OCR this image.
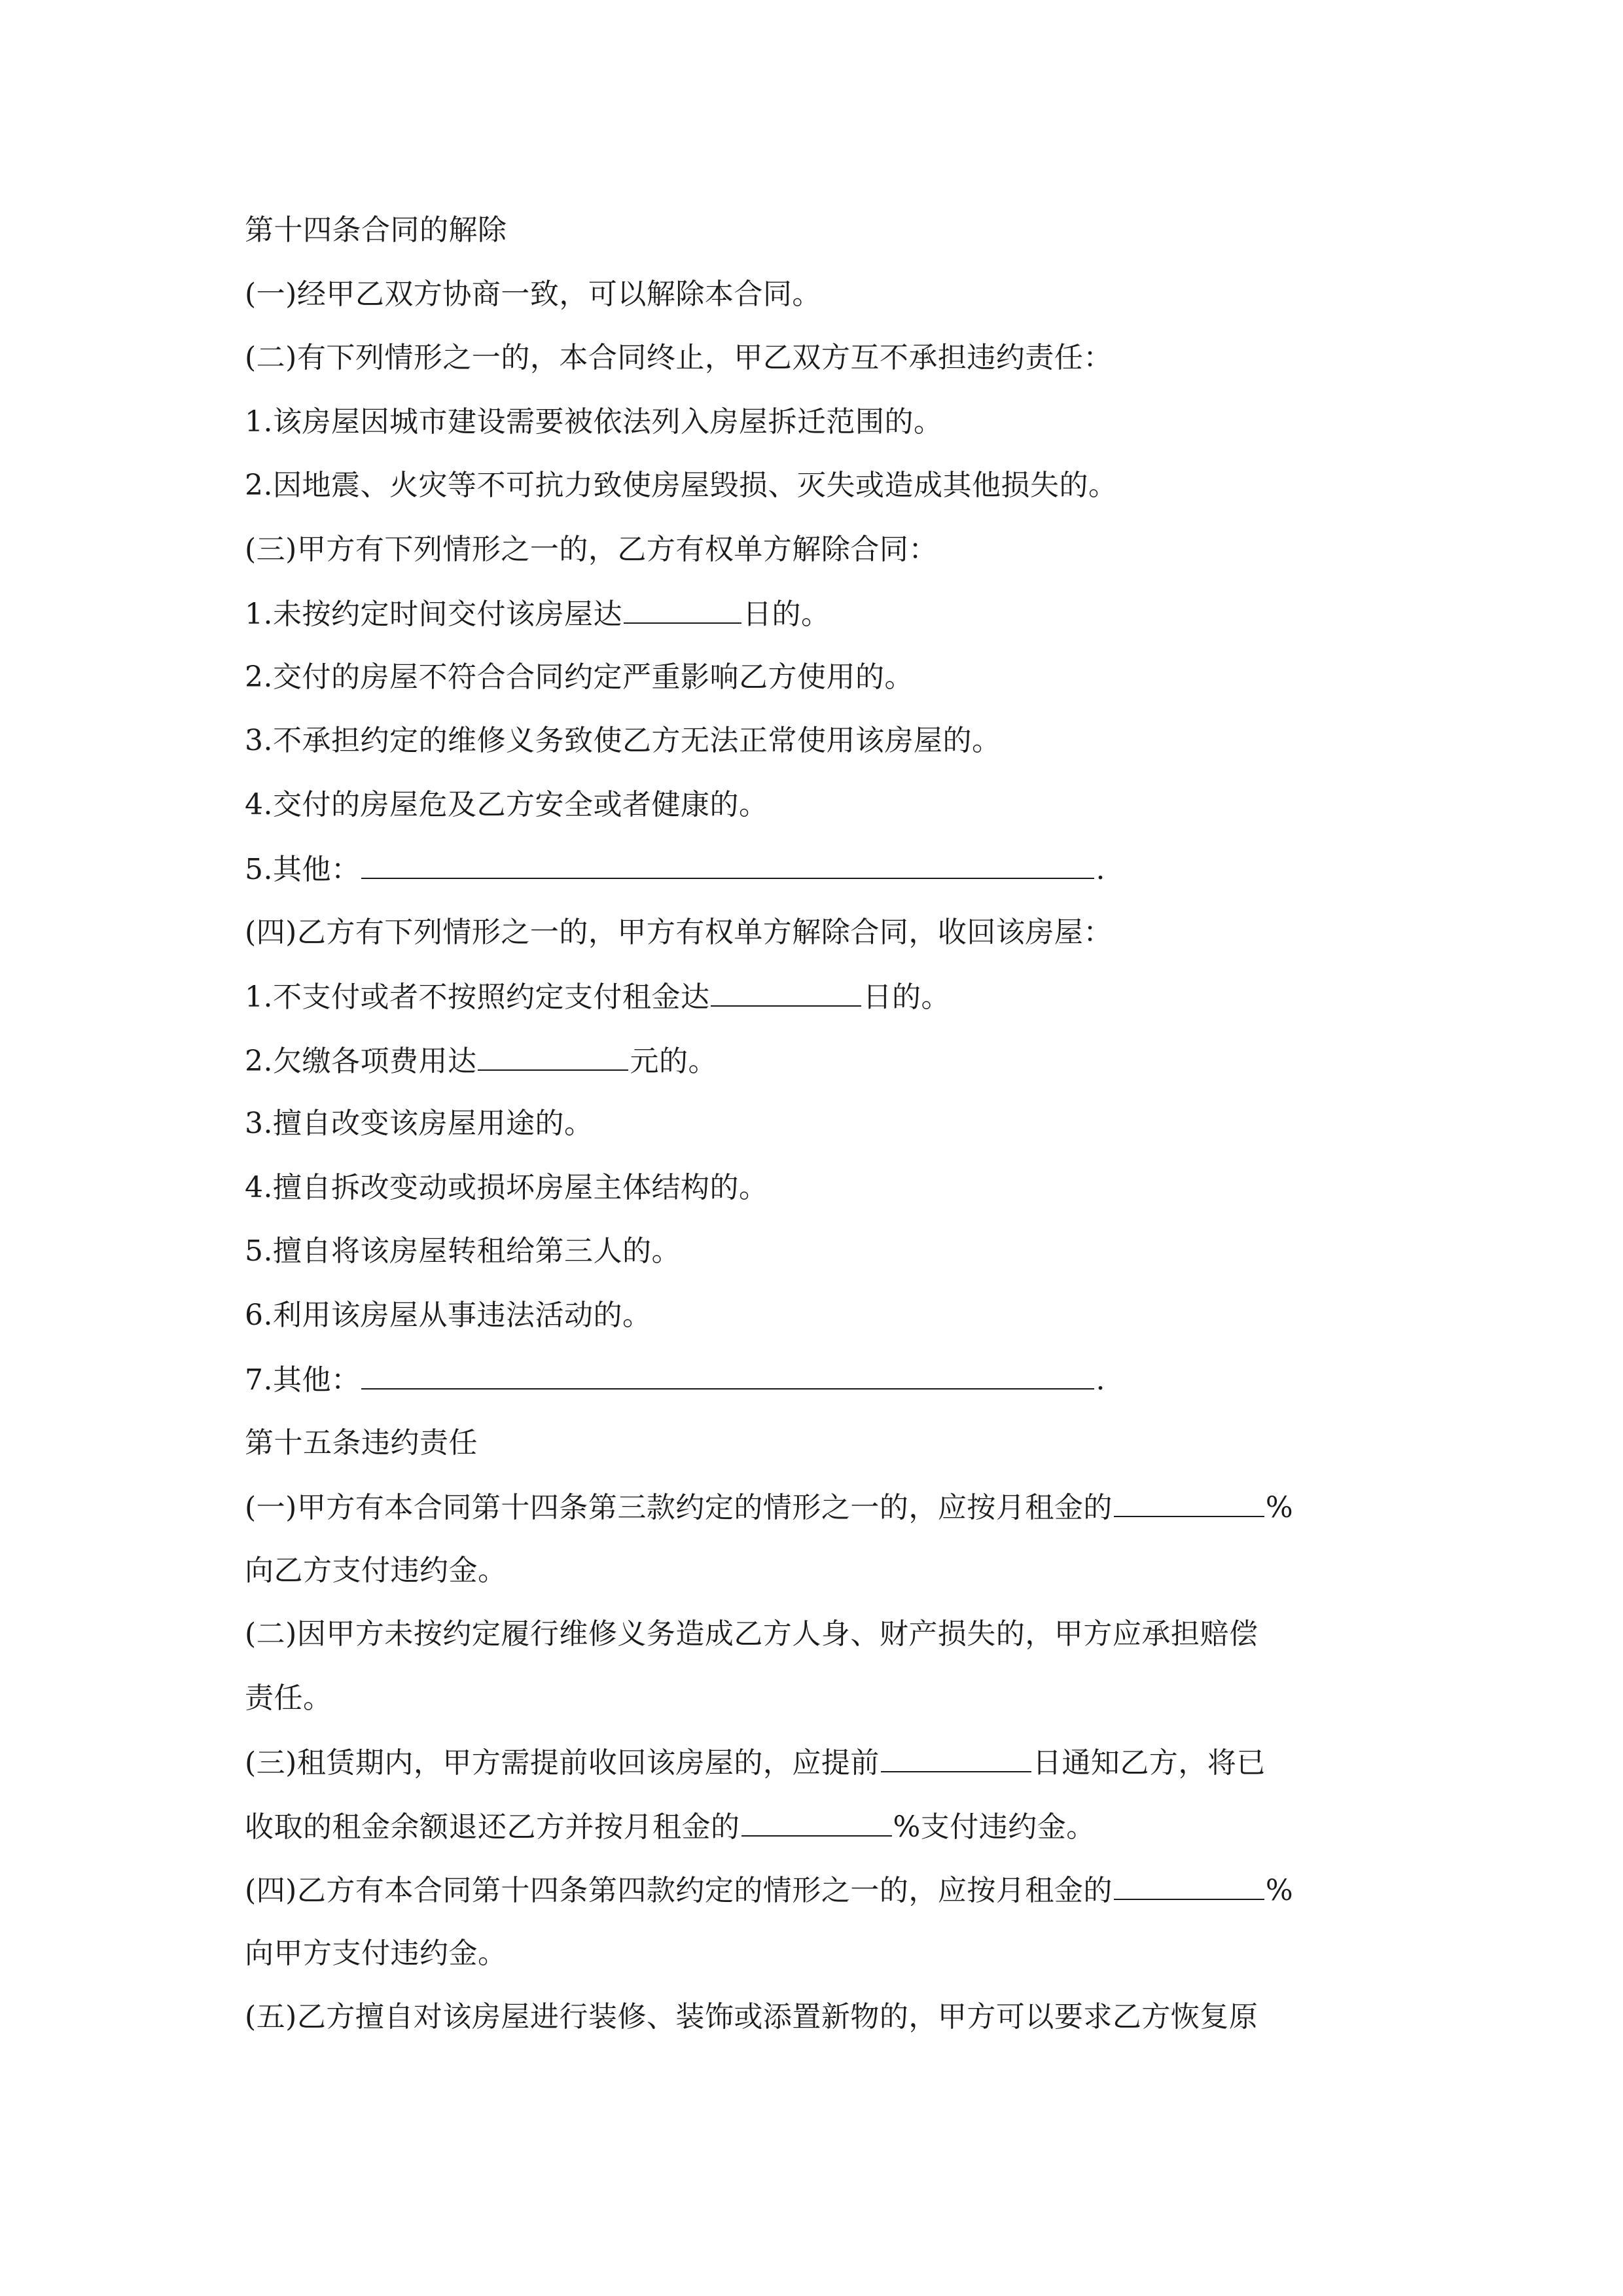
第十四条合同的解除

(一)经甲乙双方协商一致，可以解除本合同。

(二)有下列情形之一的，本合同终止，甲乙双方互不承担违约责任：

1.该房屋因城市建设需要被依法列入房屋拆迁范围的。

2.因地震、火灾等不可抗力致使房屋毁损、灭失或造成其他损失的。

(三)甲方有下列情形之一的，乙方有权单方解除合同：

1.未按约定时间交付该房屋达	日的。

2.交付的房屋不符合合同约定严重影响乙方使用的。

3.不承担约定的维修义务致使乙方无法正常使用该房屋的。

4.交付的房屋危及乙方安全或者健康的。

5.其他：	.

(四)乙方有下列情形之一的，甲方有权单方解除合同，收回该房屋：

1.不支付或者不按照约定支付租金达	日的。

2.欠缴各项费用达	元的。

3.擅自改变该房屋用途的。

4.擅自拆改变动或损坏房屋主体结构的。

5.擅自将该房屋转租给第三人的。

6.利用该房屋从事违法活动的。

7.其他：	.

第十五条违约责任

(一)甲方有本合同第十四条第三款约定的情形之一的，应按月租金的	%

向乙方支付违约金。

(二)因甲方未按约定履行维修义务造成乙方人身、财产损失的，甲方应承担赔偿

责任。

(三)租赁期内，甲方需提前收回该房屋的，应提前	日通知乙方，将已

收取的租金余额退还乙方并按月租金的	%支付违约金。

(四)乙方有本合同第十四条第四款约定的情形之一的，应按月租金的	%

向甲方支付违约金。

(五)乙方擅自对该房屋进行装修、装饰或添置新物的，甲方可以要求乙方恢复原
